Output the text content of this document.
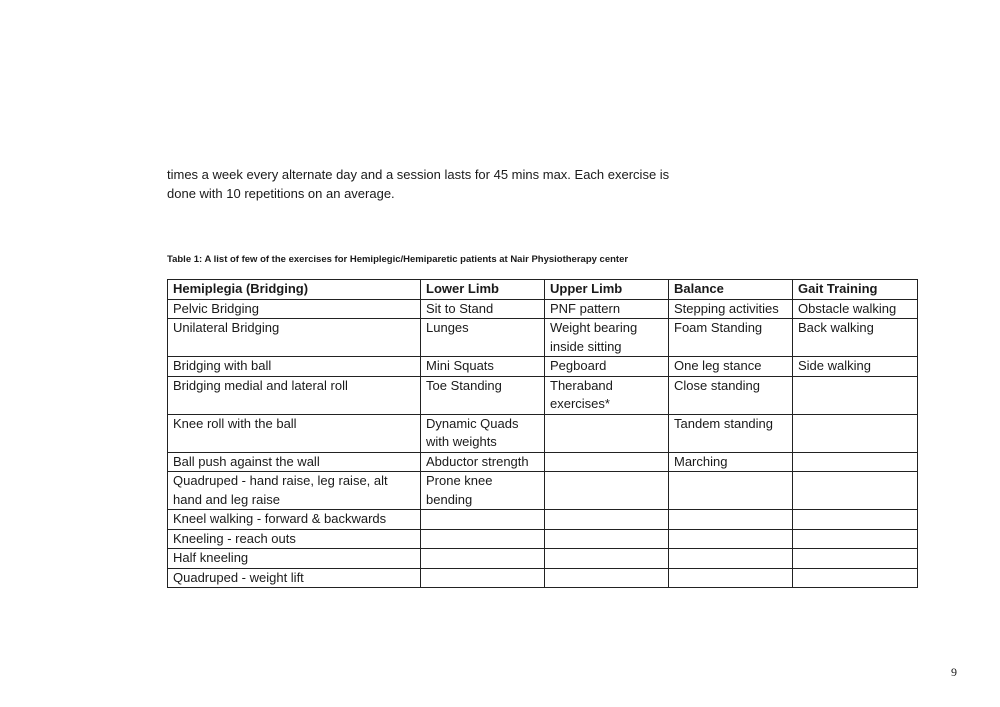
times a week every alternate day and a session lasts for 45 mins max. Each exercise is done with 10 repetitions on an average.

Table 1: A list of few of the exercises for Hemiplegic/Hemiparetic patients at Nair Physiotherapy center

Hemiplegia (Bridging)	Lower Limb	Upper Limb	Balance	Gait Training
Pelvic Bridging	Sit to Stand	PNF pattern	Stepping activities	Obstacle walking
Unilateral Bridging	Lunges	Weight bearing inside sitting	Foam Standing	Back walking
Bridging with ball	Mini Squats	Pegboard	One leg stance	Side walking
Bridging medial and lateral roll	Toe Standing	Theraband exercises*	Close standing	
Knee roll with the ball	Dynamic Quads with weights		Tandem standing	
Ball push against the wall	Abductor strength		Marching	
Quadruped - hand raise, leg raise, alt hand and leg raise	Prone knee bending			
Kneel walking - forward & backwards				
Kneeling - reach outs				
Half kneeling				
Quadruped - weight lift				

9
